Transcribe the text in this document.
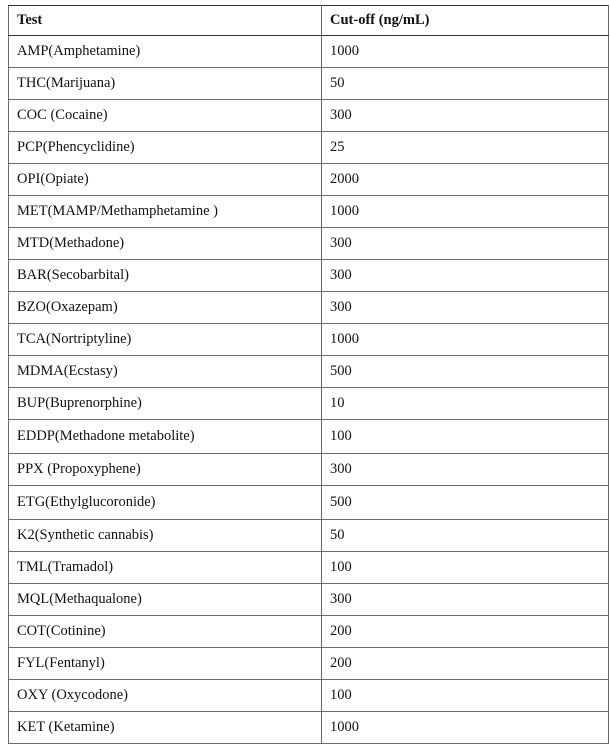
Test	Cut-off (ng/mL)
AMP(Amphetamine)	1000
THC(Marijuana)	50
COC (Cocaine)	300
PCP(Phencyclidine)	25
OPI(Opiate)	2000
MET(MAMP/Methamphetamine )	1000
MTD(Methadone)	300
BAR(Secobarbital)	300
BZO(Oxazepam)	300
TCA(Nortriptyline)	1000
MDMA(Ecstasy)	500
BUP(Buprenorphine)	10
EDDP(Methadone metabolite)	100
PPX (Propoxyphene)	300
ETG(Ethylglucoronide)	500
K2(Synthetic cannabis)	50
TML(Tramadol)	100
MQL(Methaqualone)	300
COT(Cotinine)	200
FYL(Fentanyl)	200
OXY (Oxycodone)	100
KET (Ketamine)	1000
